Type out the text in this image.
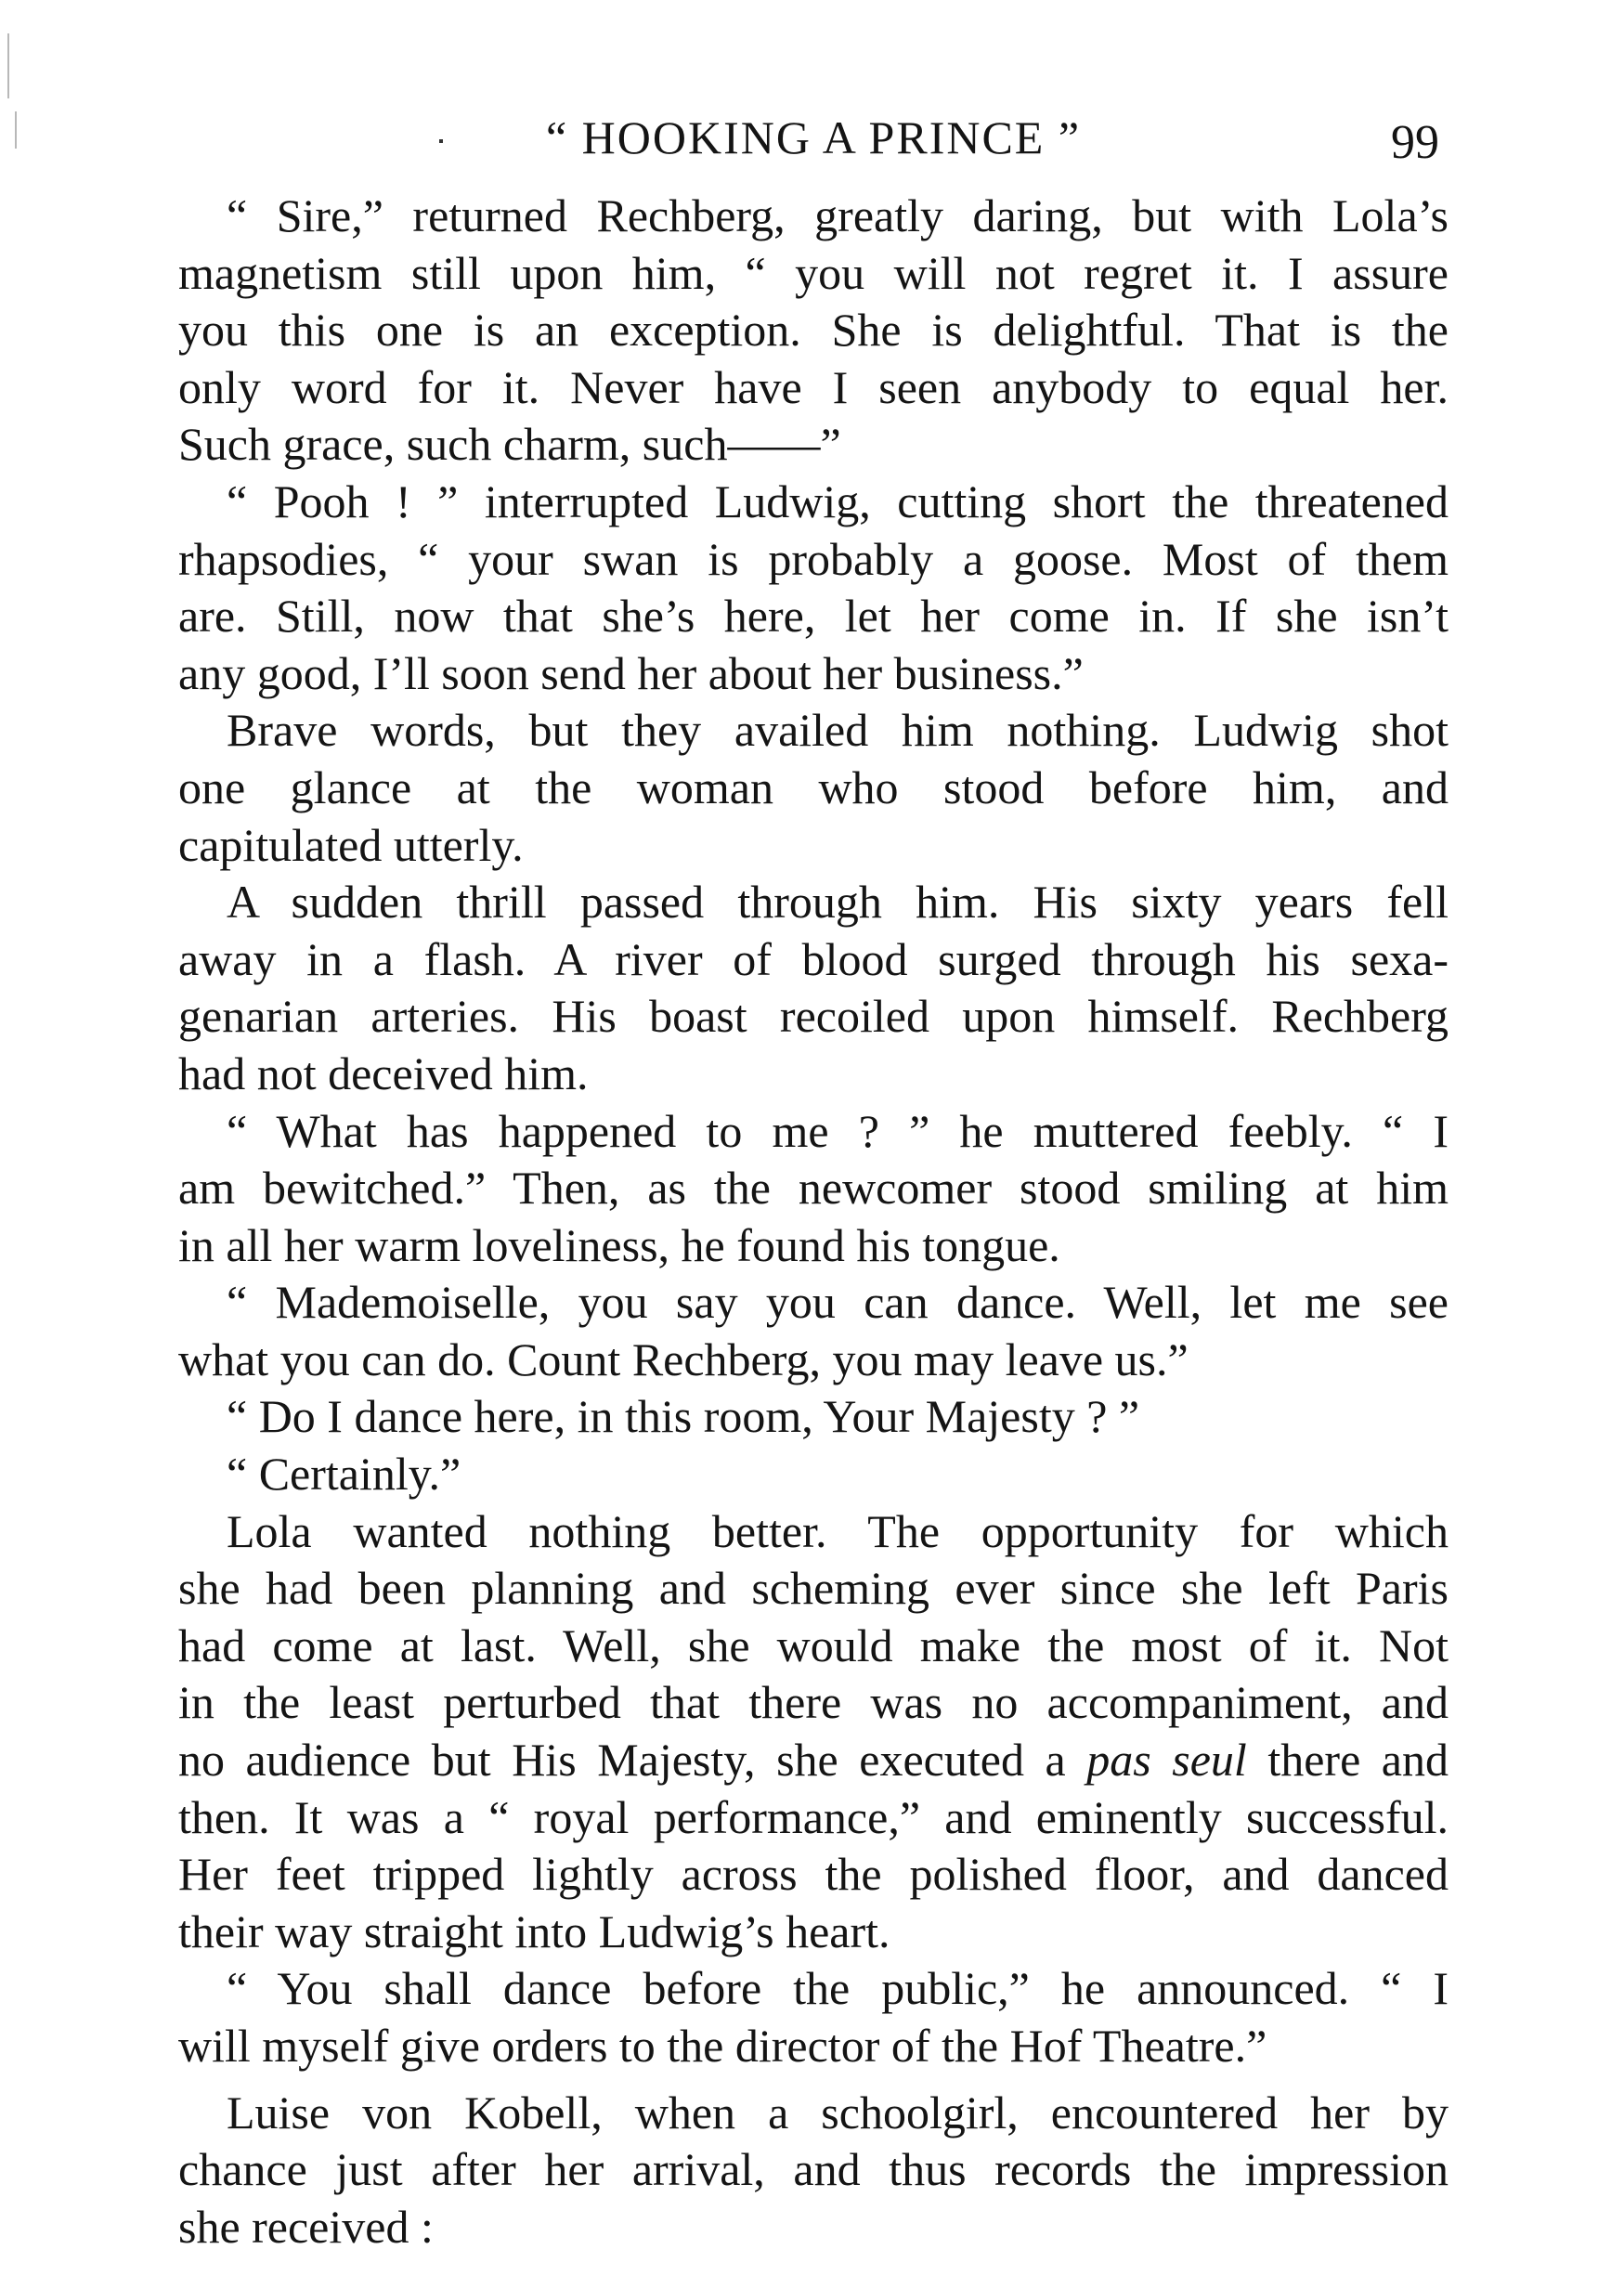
“ HOOKING A PRINCE ”	99
“ Sire,” returned Rechberg, greatly daring, but with Lola’s
magnetism still upon him, “ you will not regret it. I assure
you this one is an exception. She is delightful. That is the
only word for it. Never have I seen anybody to equal her.
Such grace, such charm, such——”
“ Pooh ! ” interrupted Ludwig, cutting short the threatened
rhapsodies, “ your swan is probably a goose. Most of them
are. Still, now that she’s here, let her come in. If she isn’t
any good, I’ll soon send her about her business.”
Brave words, but they availed him nothing. Ludwig shot
one glance at the woman who stood before him, and
capitulated utterly.
A sudden thrill passed through him. His sixty years fell
away in a flash. A river of blood surged through his sexa-
genarian arteries. His boast recoiled upon himself. Rechberg
had not deceived him.
“ What has happened to me ? ” he muttered feebly. “ I
am bewitched.” Then, as the newcomer stood smiling at him
in all her warm loveliness, he found his tongue.
“ Mademoiselle, you say you can dance. Well, let me see
what you can do. Count Rechberg, you may leave us.”
“ Do I dance here, in this room, Your Majesty ? ”
“ Certainly.”
Lola wanted nothing better. The opportunity for which
she had been planning and scheming ever since she left Paris
had come at last. Well, she would make the most of it. Not
in the least perturbed that there was no accompaniment, and
no audience but His Majesty, she executed a pas seul there and
then. It was a “ royal performance,” and eminently successful.
Her feet tripped lightly across the polished floor, and danced
their way straight into Ludwig’s heart.
“ You shall dance before the public,” he announced. “ I
will myself give orders to the director of the Hof Theatre.”
Luise von Kobell, when a schoolgirl, encountered her by
chance just after her arrival, and thus records the impression
she received :
